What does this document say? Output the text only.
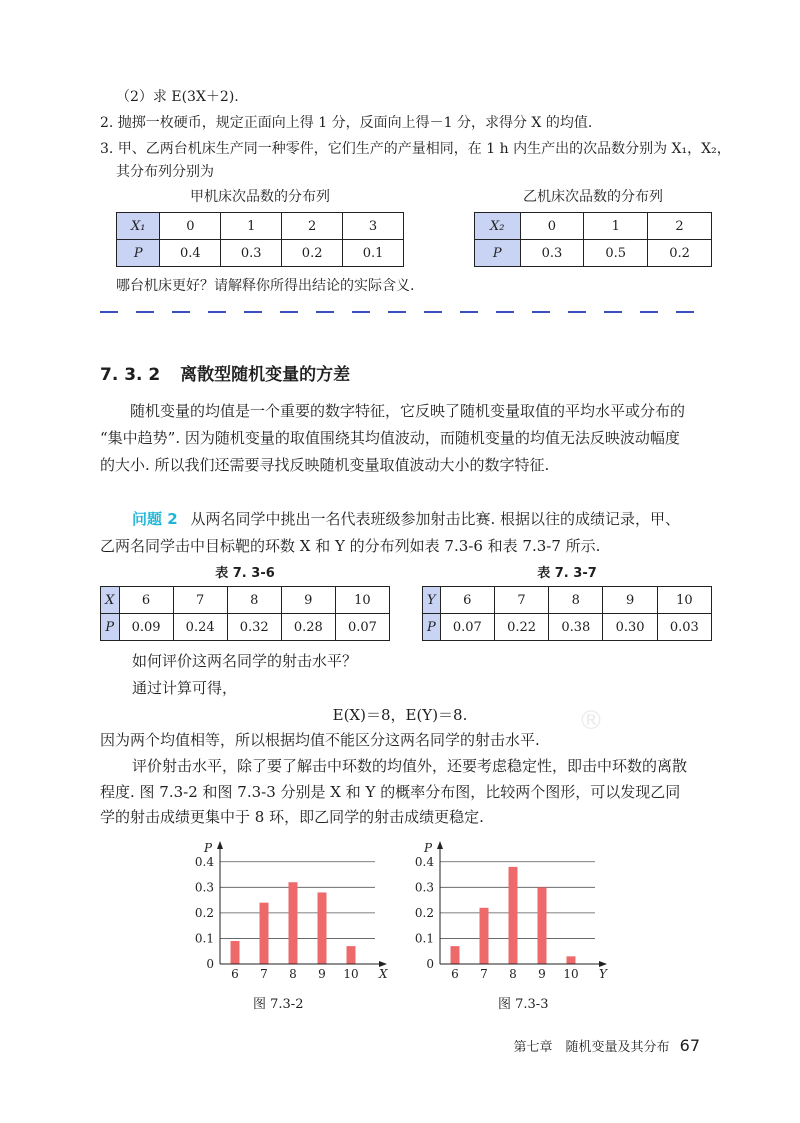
（2）求 E(3X＋2).
2. 抛掷一枚硬币，规定正面向上得 1 分，反面向上得－1 分，求得分 X 的均值.
3. 甲、乙两台机床生产同一种零件，它们生产的产量相同，在 1 h 内生产出的次品数分别为 X₁，X₂，
其分布列分别为
甲机床次品数的分布列
X₁	0	1	2	3
P	0.4	0.3	0.2	0.1
乙机床次品数的分布列
X₂	0	1	2
P	0.3	0.5	0.2
哪台机床更好？请解释你所得出结论的实际含义.
7. 3. 2 离散型随机变量的方差
随机变量的均值是一个重要的数字特征，它反映了随机变量取值的平均水平或分布的
“集中趋势”. 因为随机变量的取值围绕其均值波动，而随机变量的均值无法反映波动幅度
的大小. 所以我们还需要寻找反映随机变量取值波动大小的数字特征.
问题 2 从两名同学中挑出一名代表班级参加射击比赛. 根据以往的成绩记录，甲、
乙两名同学击中目标靶的环数 X 和 Y 的分布列如表 7.3-6 和表 7.3-7 所示.
表 7. 3-6
X	6	7	8	9	10
P	0.09	0.24	0.32	0.28	0.07
表 7. 3-7
Y	6	7	8	9	10
P	0.07	0.22	0.38	0.30	0.03
如何评价这两名同学的射击水平？
通过计算可得，
E(X)＝8，E(Y)＝8.
因为两个均值相等，所以根据均值不能区分这两名同学的射击水平.
®
评价射击水平，除了要了解击中环数的均值外，还要考虑稳定性，即击中环数的离散
程度. 图 7.3-2 和图 7.3-3 分别是 X 和 Y 的概率分布图，比较两个图形，可以发现乙同
学的射击成绩更集中于 8 环，即乙同学的射击成绩更稳定.
0
0.1
0.2
0.3
0.4
6 7 8 9 10 X
P
0
0.1
0.2
0.3
0.4
6 7 8 9 10 Y
P
图 7.3-2	图 7.3-3
第七章　随机变量及其分布 67
